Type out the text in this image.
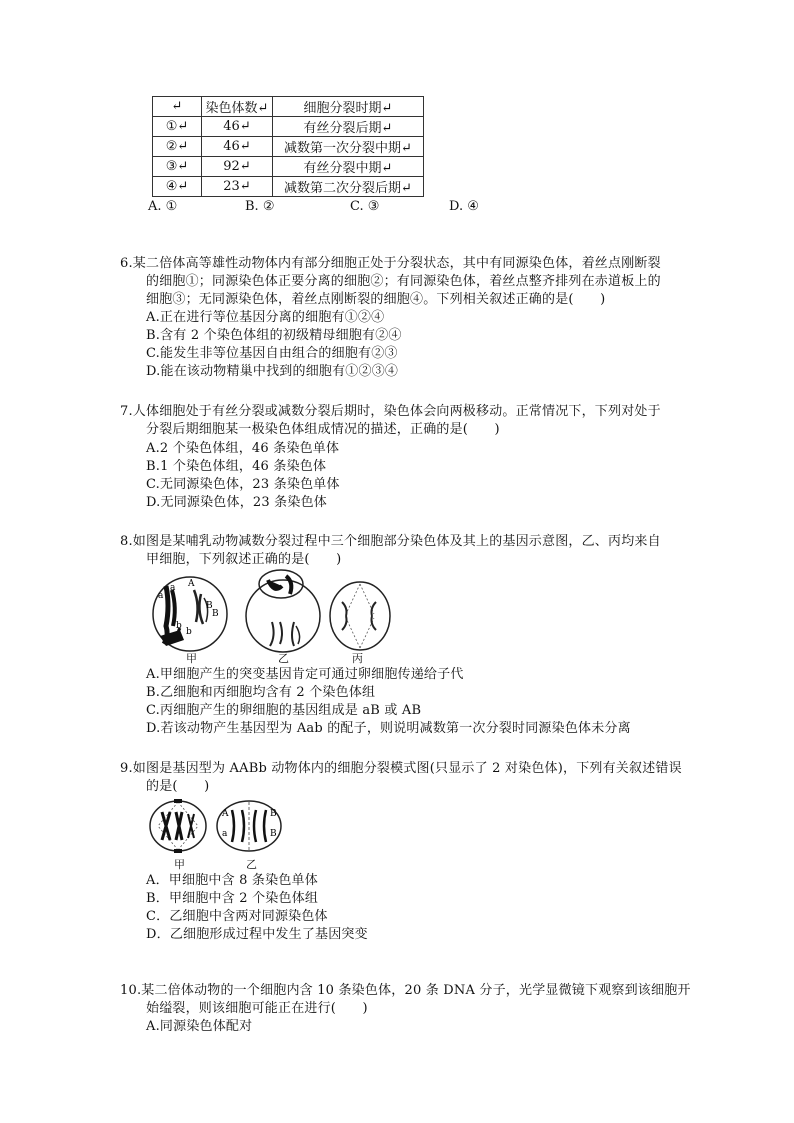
↵	染色体数↵	细胞分裂时期↵
①↵	46↵	有丝分裂后期↵
②↵	46↵	减数第一次分裂中期↵
③↵	92↵	有丝分裂中期↵
④↵	23↵	减数第二次分裂后期↵
A. ①	B. ②	C. ③	D. ④
6.某二倍体高等雄性动物体内有部分细胞正处于分裂状态，其中有同源染色体，着丝点刚断裂
的细胞①；同源染色体正要分离的细胞②；有同源染色体，着丝点整齐排列在赤道板上的
细胞③；无同源染色体，着丝点刚断裂的细胞④。下列相关叙述正确的是(　　)
A.正在进行等位基因分离的细胞有①②④
B.含有 2 个染色体组的初级精母细胞有②④
C.能发生非等位基因自由组合的细胞有②③
D.能在该动物精巢中找到的细胞有①②③④
7.人体细胞处于有丝分裂或减数分裂后期时，染色体会向两极移动。正常情况下，下列对处于
分裂后期细胞某一极染色体组成情况的描述，正确的是(　　)
A.2 个染色体组，46 条染色单体
B.1 个染色体组，46 条染色体
C.无同源染色体，23 条染色单体
D.无同源染色体，23 条染色体
8.如图是某哺乳动物减数分裂过程中三个细胞部分染色体及其上的基因示意图，乙、丙均来自
甲细胞，下列叙述正确的是(　　)
A
a
a
B
B
b
b
甲	乙	丙
A.甲细胞产生的突变基因肯定可通过卵细胞传递给子代
B.乙细胞和丙细胞均含有 2 个染色体组
C.丙细胞产生的卵细胞的基因组成是 aB 或 AB
D.若该动物产生基因型为 Aab 的配子，则说明减数第一次分裂时同源染色体未分离
9.如图是基因型为 AABb 动物体内的细胞分裂模式图(只显示了 2 对染色体)，下列有关叙述错误
的是(　　)
A	B
a	B
甲	乙
A．甲细胞中含 8 条染色单体
B．甲细胞中含 2 个染色体组
C．乙细胞中含两对同源染色体
D．乙细胞形成过程中发生了基因突变
10.某二倍体动物的一个细胞内含 10 条染色体，20 条 DNA 分子，光学显微镜下观察到该细胞开
始缢裂，则该细胞可能正在进行(　　)
A.同源染色体配对
